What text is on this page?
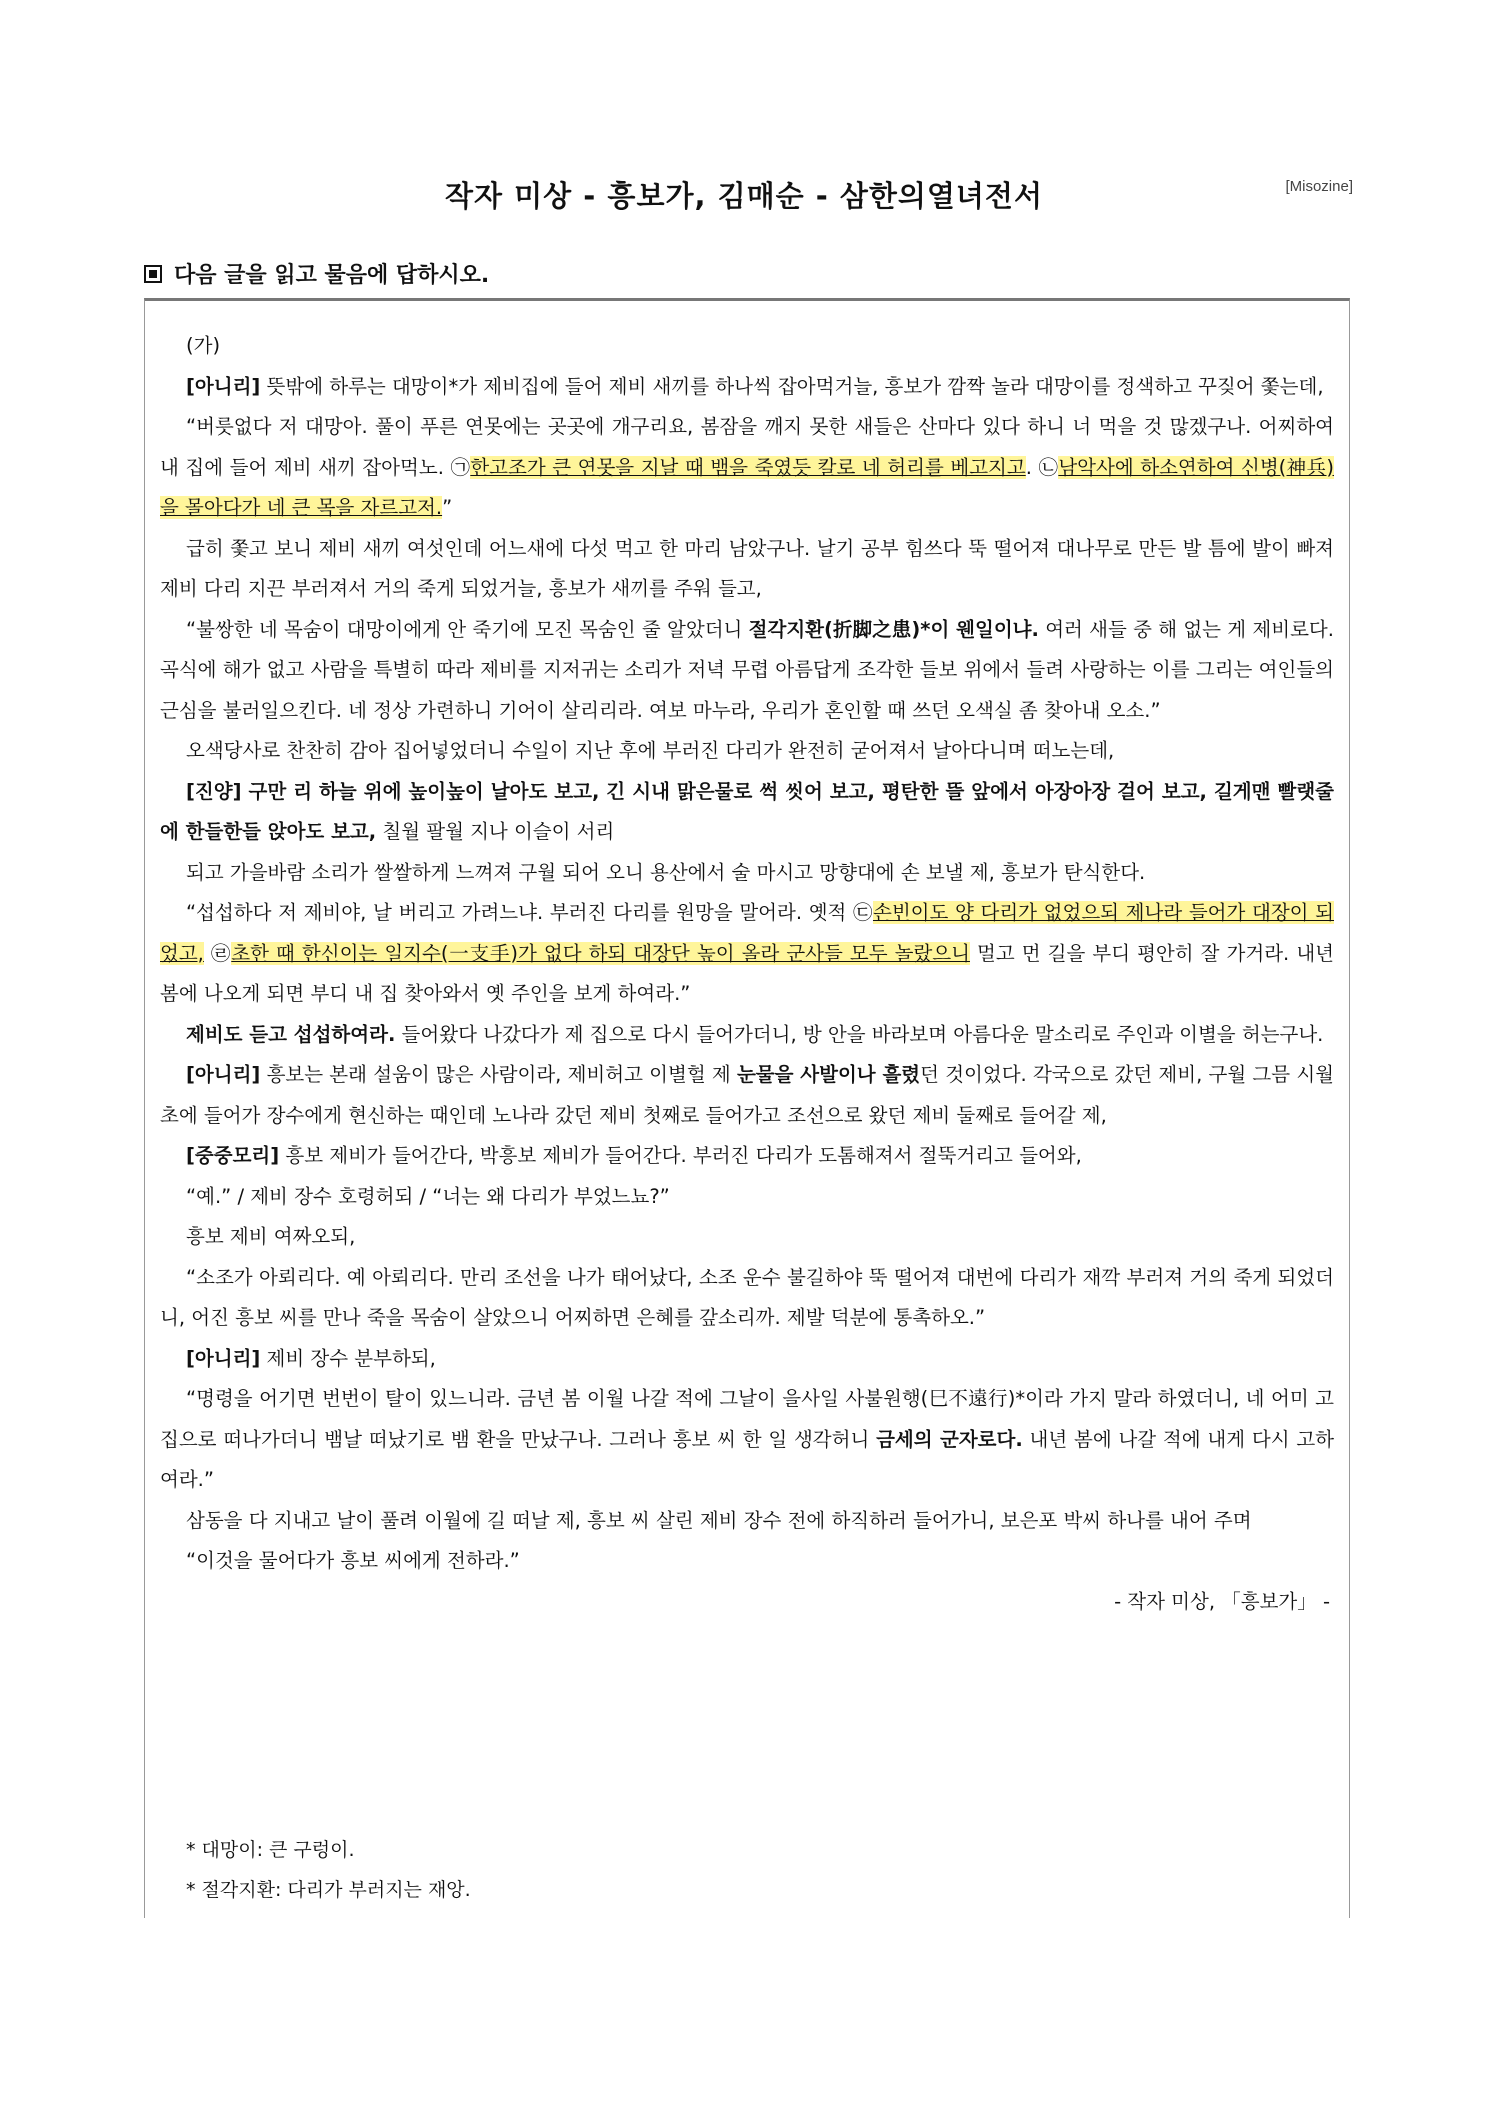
작자 미상 - 흥보가, 김매순 - 삼한의열녀전서	[Misozine]
다음 글을 읽고 물음에 답하시오.

(가)

[아니리] 뜻밖에 하루는 대망이*가 제비집에 들어 제비 새끼를 하나씩 잡아먹거늘, 흥보가 깜짝 놀라 대망이를 정색하고 꾸짖어 쫓는데,

“버릇없다 저 대망아. 풀이 푸른 연못에는 곳곳에 개구리요, 봄잠을 깨지 못한 새들은 산마다 있다 하니 너 먹을 것 많겠구나. 어찌하여 내 집에 들어 제비 새끼 잡아먹노. ㉠한고조가 큰 연못을 지날 때 뱀을 죽였듯 칼로 네 허리를 베고지고. ㉡남악사에 하소연하여 신병(神兵)을 몰아다가 네 큰 목을 자르고저.”

급히 쫓고 보니 제비 새끼 여섯인데 어느새에 다섯 먹고 한 마리 남았구나. 날기 공부 힘쓰다 뚝 떨어져 대나무로 만든 발 틈에 발이 빠져 제비 다리 지끈 부러져서 거의 죽게 되었거늘, 흥보가 새끼를 주워 들고,

“불쌍한 네 목숨이 대망이에게 안 죽기에 모진 목숨인 줄 알았더니 절각지환(折脚之患)*이 웬일이냐. 여러 새들 중 해 없는 게 제비로다. 곡식에 해가 없고 사람을 특별히 따라 제비를 지저귀는 소리가 저녁 무렵 아름답게 조각한 들보 위에서 들려 사랑하는 이를 그리는 여인들의 근심을 불러일으킨다. 네 정상 가련하니 기어이 살리리라. 여보 마누라, 우리가 혼인할 때 쓰던 오색실 좀 찾아내 오소.”

오색당사로 찬찬히 감아 집어넣었더니 수일이 지난 후에 부러진 다리가 완전히 굳어져서 날아다니며 떠노는데,

[진양] 구만 리 하늘 위에 높이높이 날아도 보고, 긴 시내 맑은물로 썩 씻어 보고, 평탄한 뜰 앞에서 아장아장 걸어 보고, 길게맨 빨랫줄에 한들한들 앉아도 보고, 칠월 팔월 지나 이슬이 서리

되고 가을바람 소리가 쌀쌀하게 느껴져 구월 되어 오니 용산에서 술 마시고 망향대에 손 보낼 제, 흥보가 탄식한다.

“섭섭하다 저 제비야, 날 버리고 가려느냐. 부러진 다리를 원망을 말어라. 옛적 ㉢손빈이도 양 다리가 없었으되 제나라 들어가 대장이 되었고, ㉣초한 때 한신이는 일지수(一支手)가 없다 하되 대장단 높이 올라 군사들 모두 놀랐으니 멀고 먼 길을 부디 평안히 잘 가거라. 내년 봄에 나오게 되면 부디 내 집 찾아와서 옛 주인을 보게 하여라.”

제비도 듣고 섭섭하여라. 들어왔다 나갔다가 제 집으로 다시 들어가더니, 방 안을 바라보며 아름다운 말소리로 주인과 이별을 허는구나.

[아니리] 흥보는 본래 설움이 많은 사람이라, 제비허고 이별헐 제 눈물을 사발이나 흘렸던 것이었다. 각국으로 갔던 제비, 구월 그믐 시월 초에 들어가 장수에게 현신하는 때인데 노나라 갔던 제비 첫째로 들어가고 조선으로 왔던 제비 둘째로 들어갈 제,

[중중모리] 흥보 제비가 들어간다, 박흥보 제비가 들어간다. 부러진 다리가 도톰해져서 절뚝거리고 들어와,

“예.” / 제비 장수 호령허되 / “너는 왜 다리가 부었느뇨?”

흥보 제비 여짜오되,

“소조가 아뢰리다. 예 아뢰리다. 만리 조선을 나가 태어났다, 소조 운수 불길하야 뚝 떨어져 대번에 다리가 재깍 부러져 거의 죽게 되었더니, 어진 흥보 씨를 만나 죽을 목숨이 살았으니 어찌하면 은혜를 갚소리까. 제발 덕분에 통촉하오.”

[아니리] 제비 장수 분부하되,

“명령을 어기면 번번이 탈이 있느니라. 금년 봄 이월 나갈 적에 그날이 을사일 사불원행(巳不遠行)*이라 가지 말라 하였더니, 네 어미 고집으로 떠나가더니 뱀날 떠났기로 뱀 환을 만났구나. 그러나 흥보 씨 한 일 생각허니 금세의 군자로다. 내년 봄에 나갈 적에 내게 다시 고하여라.”

삼동을 다 지내고 날이 풀려 이월에 길 떠날 제, 흥보 씨 살린 제비 장수 전에 하직하러 들어가니, 보은포 박씨 하나를 내어 주며

“이것을 물어다가 흥보 씨에게 전하라.”

- 작자 미상, 「흥보가」 -

* 대망이: 큰 구렁이.
* 절각지환: 다리가 부러지는 재앙.
